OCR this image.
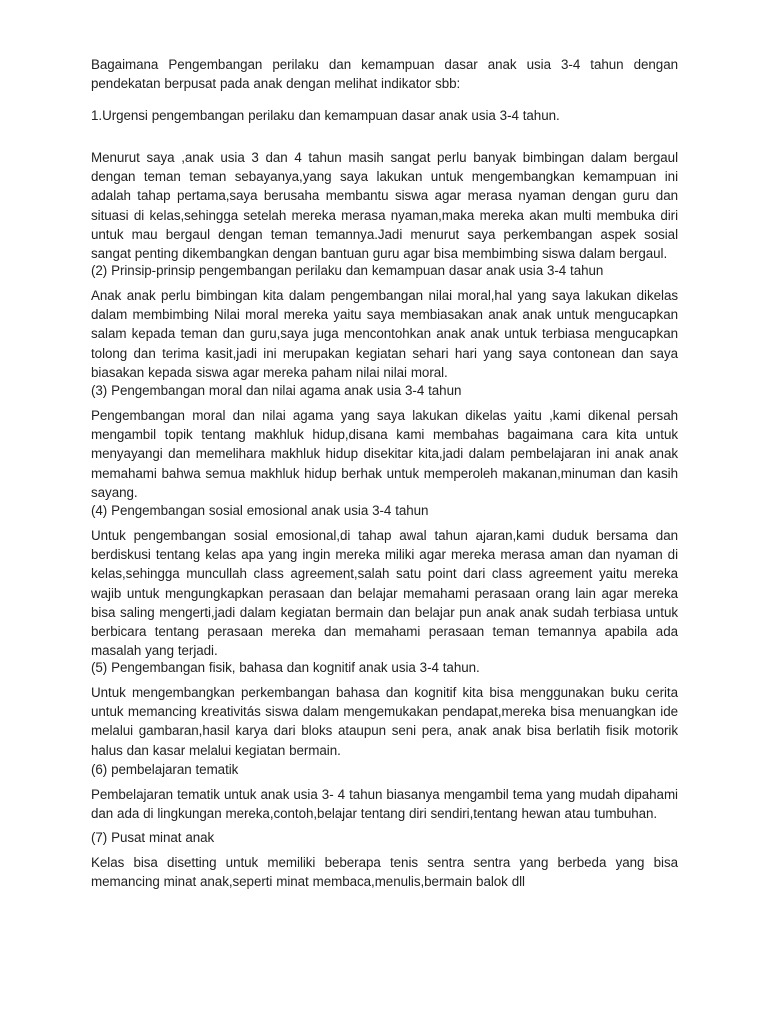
Bagaimana Pengembangan perilaku dan kemampuan dasar anak usia 3-4 tahun dengan pendekatan berpusat pada anak dengan melihat indikator sbb:

1.Urgensi pengembangan perilaku dan kemampuan dasar anak usia 3-4 tahun.

Menurut saya ,anak usia 3 dan 4 tahun masih sangat perlu banyak bimbingan dalam bergaul dengan teman teman sebayanya,yang saya lakukan untuk mengembangkan kemampuan ini adalah tahap pertama,saya berusaha membantu siswa agar merasa nyaman dengan guru dan situasi di kelas,sehingga setelah mereka merasa nyaman,maka mereka akan multi membuka diri untuk mau bergaul dengan teman temannya.Jadi menurut saya perkembangan aspek sosial sangat penting dikembangkan dengan bantuan guru agar bisa membimbing siswa dalam bergaul.

(2) Prinsip-prinsip pengembangan perilaku dan kemampuan dasar anak usia 3-4 tahun

Anak anak perlu bimbingan kita dalam pengembangan nilai moral,hal yang saya lakukan dikelas dalam membimbing Nilai moral mereka yaitu saya membiasakan anak anak untuk mengucapkan salam kepada teman dan guru,saya juga mencontohkan anak anak untuk terbiasa mengucapkan tolong dan terima kasit,jadi ini merupakan kegiatan sehari hari yang saya contonean dan saya biasakan kepada siswa agar mereka paham nilai nilai moral.

(3) Pengembangan moral dan nilai agama anak usia 3-4 tahun

Pengembangan moral dan nilai agama yang saya lakukan dikelas yaitu ,kami dikenal persah mengambil topik tentang makhluk hidup,disana kami membahas bagaimana cara kita untuk menyayangi dan memelihara makhluk hidup disekitar kita,jadi dalam pembelajaran ini anak anak memahami bahwa semua makhluk hidup berhak untuk memperoleh makanan,minuman dan kasih sayang.

(4) Pengembangan sosial emosional anak usia 3-4 tahun

Untuk pengembangan sosial emosional,di tahap awal tahun ajaran,kami duduk bersama dan berdiskusi tentang kelas apa yang ingin mereka miliki agar mereka merasa aman dan nyaman di kelas,sehingga muncullah class agreement,salah satu point dari class agreement yaitu mereka wajib untuk mengungkapkan perasaan dan belajar memahami perasaan orang lain agar mereka bisa saling mengerti,jadi dalam kegiatan bermain dan belajar pun anak anak sudah terbiasa untuk berbicara tentang perasaan mereka dan memahami perasaan teman temannya apabila ada masalah yang terjadi.

(5) Pengembangan fisik, bahasa dan kognitif anak usia 3-4 tahun.

Untuk mengembangkan perkembangan bahasa dan kognitif kita bisa menggunakan buku cerita untuk memancing kreativitás siswa dalam mengemukakan pendapat,mereka bisa menuangkan ide melalui gambaran,hasil karya dari bloks ataupun seni pera, anak anak bisa berlatih fisik motorik halus dan kasar melalui kegiatan bermain.

(6) pembelajaran tematik

Pembelajaran tematik untuk anak usia 3- 4 tahun biasanya mengambil tema yang mudah dipahami dan ada di lingkungan mereka,contoh,belajar tentang diri sendiri,tentang hewan atau tumbuhan.

(7) Pusat minat anak

Kelas bisa disetting untuk memiliki beberapa tenis sentra sentra yang berbeda yang bisa memancing minat anak,seperti minat membaca,menulis,bermain balok dll
